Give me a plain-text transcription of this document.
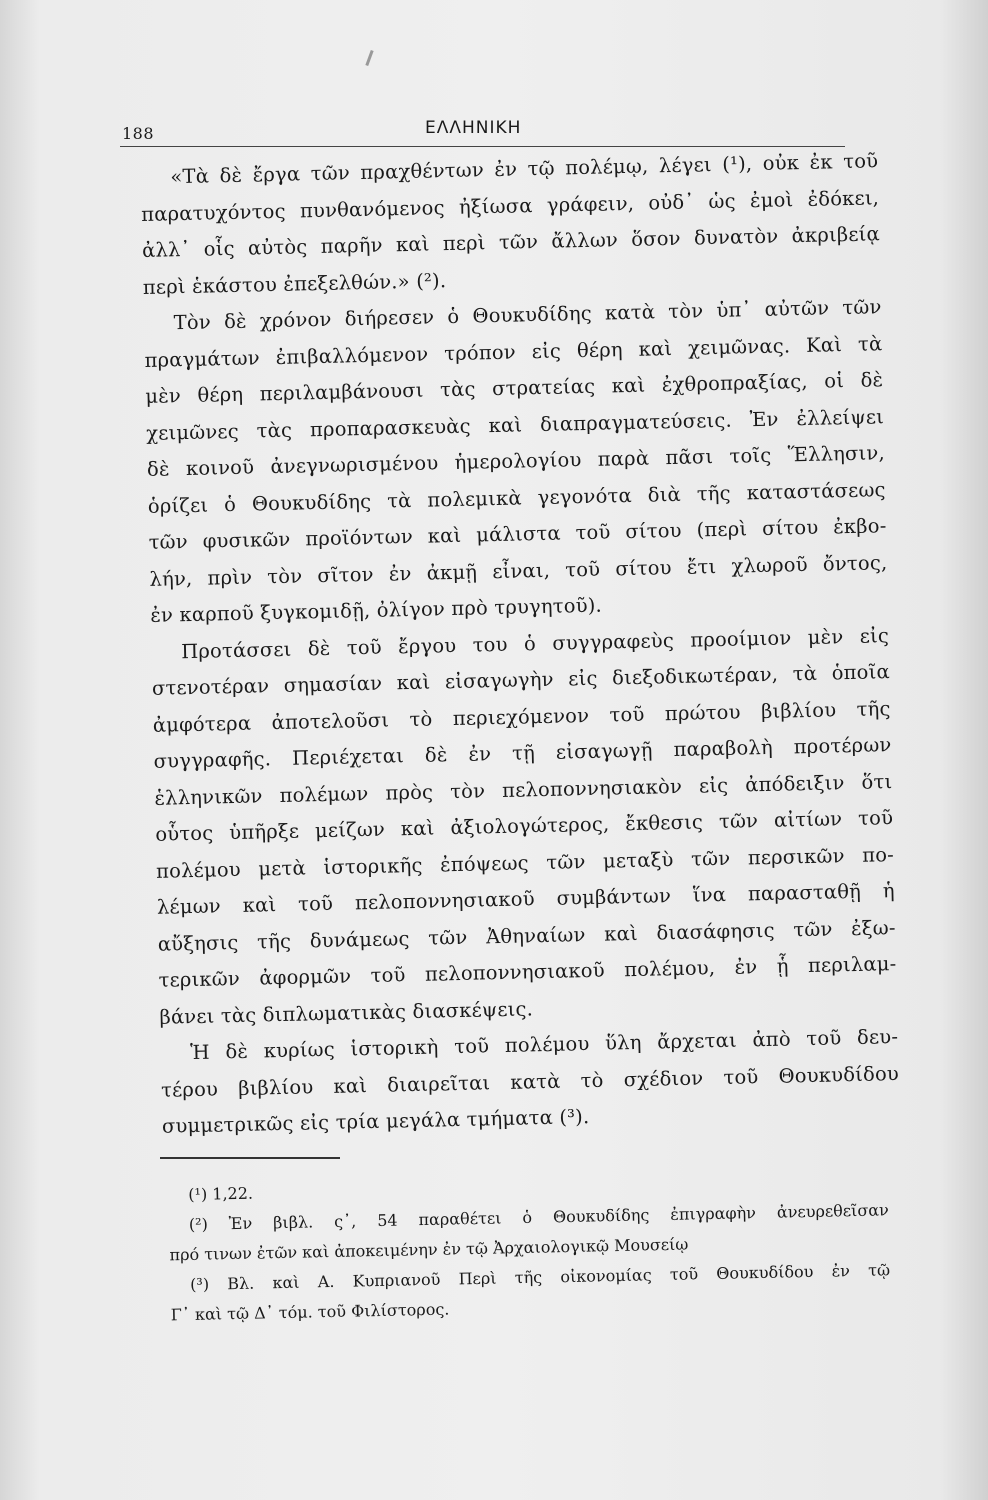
188	ΕΛΛΗΝΙΚΗ
«Τὰ δὲ ἔργα τῶν πραχθέντων ἐν τῷ πολέμῳ, λέγει (¹), οὐκ ἐκ τοῦ
παρατυχόντος πυνθανόμενος ἠξίωσα γράφειν, οὐδ᾽ ὡς ἐμοὶ ἐδόκει,
ἀλλ᾽ οἷς αὐτὸς παρῆν καὶ περὶ τῶν ἄλλων ὅσον δυνατὸν ἀκριβείᾳ
περὶ ἑκάστου ἐπεξελθών.» (²).
Τὸν δὲ χρόνον διήρεσεν ὁ Θουκυδίδης κατὰ τὸν ὑπ᾽ αὐτῶν τῶν
πραγμάτων ἐπιβαλλόμενον τρόπον εἰς θέρη καὶ χειμῶνας. Καὶ τὰ
μὲν θέρη περιλαμβάνουσι τὰς στρατείας καὶ ἐχθροπραξίας, οἱ δὲ
χειμῶνες τὰς προπαρασκευὰς καὶ διαπραγματεύσεις. Ἐν ἐλλείψει
δὲ κοινοῦ ἀνεγνωρισμένου ἡμερολογίου παρὰ πᾶσι τοῖς Ἕλλησιν,
ὁρίζει ὁ Θουκυδίδης τὰ πολεμικὰ γεγονότα διὰ τῆς καταστάσεως
τῶν φυσικῶν προϊόντων καὶ μάλιστα τοῦ σίτου (περὶ σίτου ἐκβο-
λήν, πρὶν τὸν σῖτον ἐν ἀκμῇ εἶναι, τοῦ σίτου ἔτι χλωροῦ ὄντος,
ἐν καρποῦ ξυγκομιδῇ, ὀλίγον πρὸ τρυγητοῦ).
Προτάσσει δὲ τοῦ ἔργου του ὁ συγγραφεὺς προοίμιον μὲν εἰς
στενοτέραν σημασίαν καὶ εἰσαγωγὴν εἰς διεξοδικωτέραν, τὰ ὁποῖα
ἀμφότερα ἀποτελοῦσι τὸ περιεχόμενον τοῦ πρώτου βιβλίου τῆς
συγγραφῆς. Περιέχεται δὲ ἐν τῇ εἰσαγωγῇ παραβολὴ προτέρων
ἑλληνικῶν πολέμων πρὸς τὸν πελοποννησιακὸν εἰς ἀπόδειξιν ὅτι
οὗτος ὑπῆρξε μείζων καὶ ἀξιολογώτερος, ἔκθεσις τῶν αἰτίων τοῦ
πολέμου μετὰ ἱστορικῆς ἐπόψεως τῶν μεταξὺ τῶν περσικῶν πο-
λέμων καὶ τοῦ πελοποννησιακοῦ συμβάντων ἵνα παρασταθῇ ἡ
αὔξησις τῆς δυνάμεως τῶν Ἀθηναίων καὶ διασάφησις τῶν ἐξω-
τερικῶν ἀφορμῶν τοῦ πελοποννησιακοῦ πολέμου, ἐν ᾗ περιλαμ-
βάνει τὰς διπλωματικὰς διασκέψεις.
Ἡ δὲ κυρίως ἱστορικὴ τοῦ πολέμου ὕλη ἄρχεται ἀπὸ τοῦ δευ-
τέρου βιβλίου καὶ διαιρεῖται κατὰ τὸ σχέδιον τοῦ Θουκυδίδου
συμμετρικῶς εἰς τρία μεγάλα τμήματα (³).
(¹) 1,22.
(²) Ἐν βιβλ. ς᾽, 54 παραθέτει ὁ Θουκυδίδης ἐπιγραφὴν ἀνευρεθεῖσαν
πρό τινων ἐτῶν καὶ ἀποκειμένην ἐν τῷ Ἀρχαιολογικῷ Μουσείῳ
(³) Βλ. καὶ Α. Κυπριανοῦ Περὶ τῆς οἰκονομίας τοῦ Θουκυδίδου ἐν τῷ
Γ᾽ καὶ τῷ Δ᾽ τόμ. τοῦ Φιλίστορος.
